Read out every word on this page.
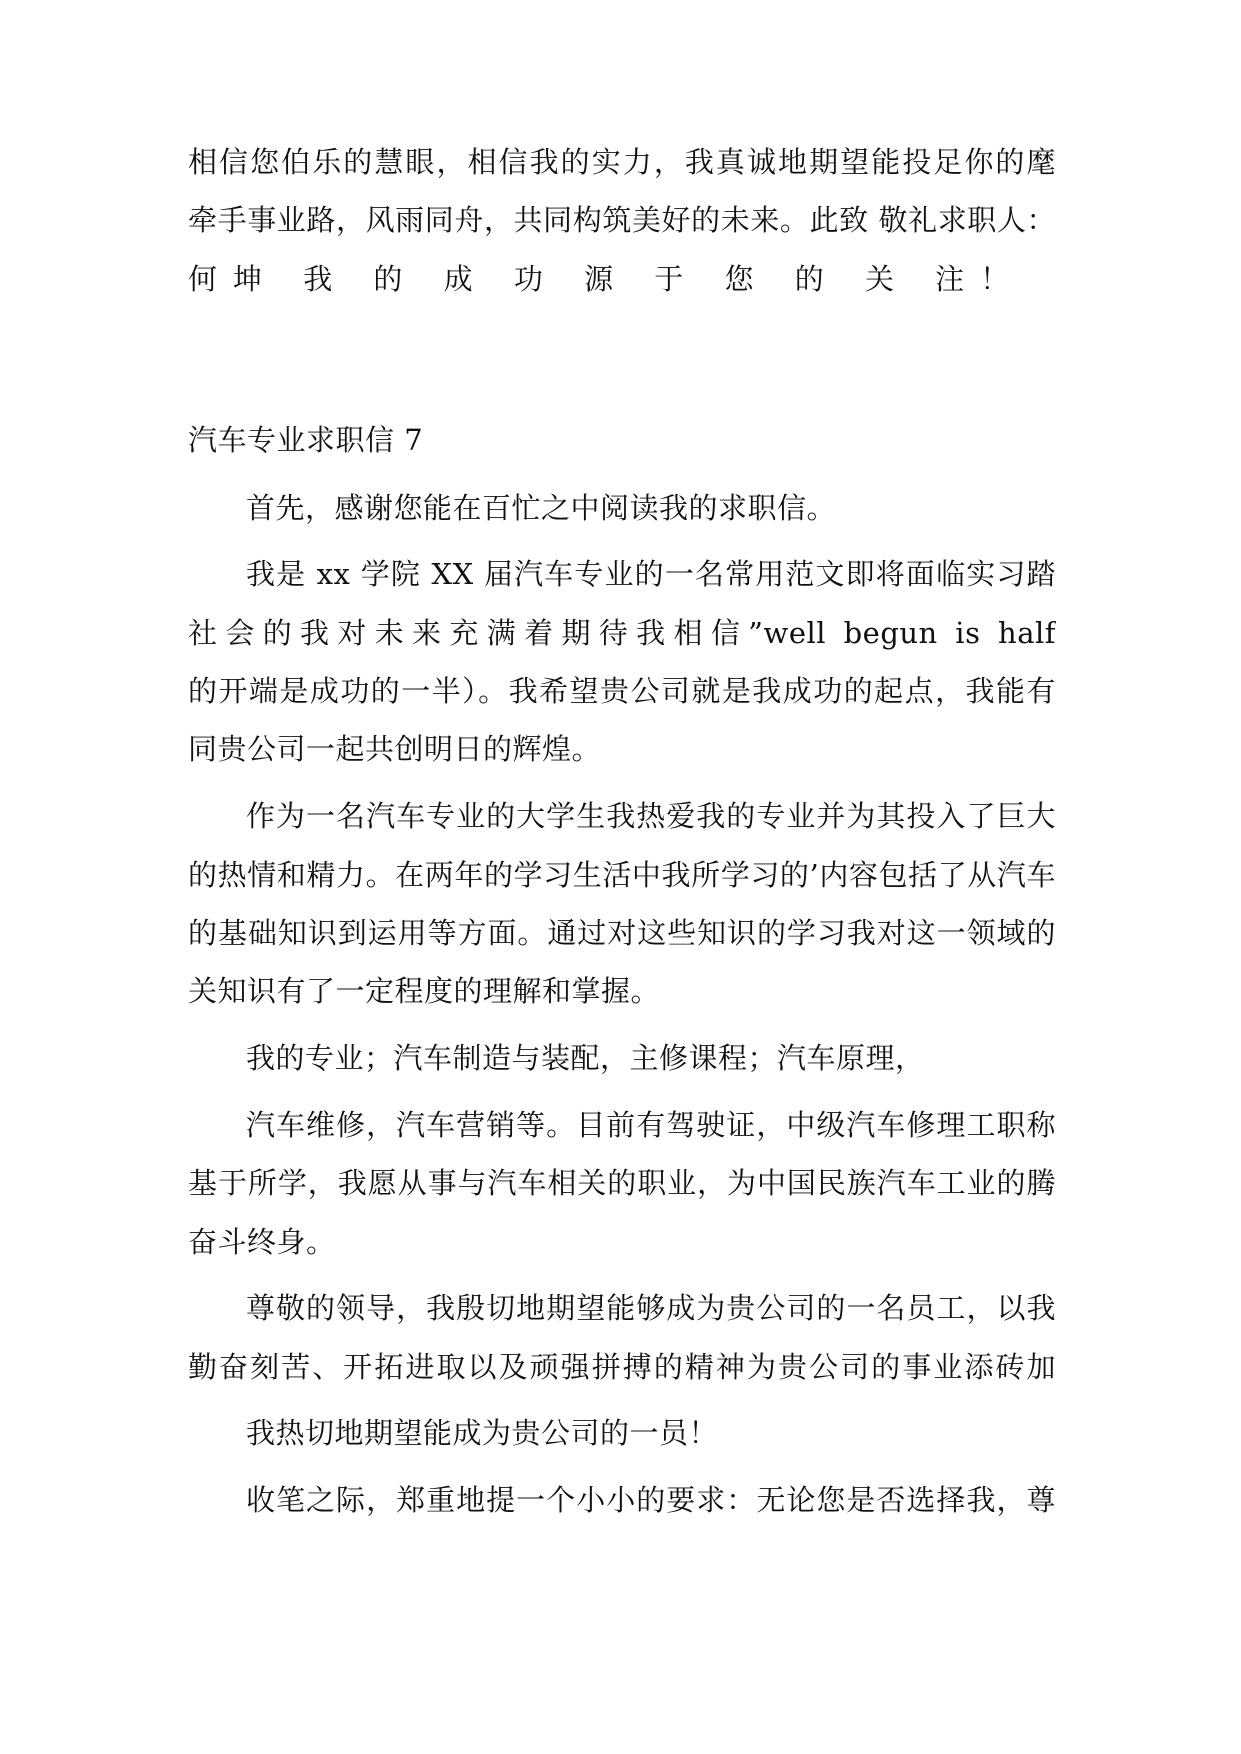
相信您伯乐的慧眼，相信我的实力，我真诚地期望能投足你的麾

牵手事业路，风雨同舟，共同构筑美好的未来。此致 敬礼求职人：

何坤 我 的 成 功 源 于 您 的 关 注！

汽车专业求职信 7

首先，感谢您能在百忙之中阅读我的求职信。

我是 xx 学院 XX 届汽车专业的一名常用范文即将面临实习踏

社会的我对未来充满着期待我相信”well begun is half

的开端是成功的一半）。我希望贵公司就是我成功的起点，我能有

同贵公司一起共创明日的辉煌。

作为一名汽车专业的大学生我热爱我的专业并为其投入了巨大

的热情和精力。在两年的学习生活中我所学习的’内容包括了从汽车

的基础知识到运用等方面。通过对这些知识的学习我对这一领域的

关知识有了一定程度的理解和掌握。

我的专业；汽车制造与装配，主修课程；汽车原理，

汽车维修，汽车营销等。目前有驾驶证，中级汽车修理工职称

基于所学，我愿从事与汽车相关的职业，为中国民族汽车工业的腾

奋斗终身。

尊敬的领导，我殷切地期望能够成为贵公司的一名员工，以我

勤奋刻苦、开拓进取以及顽强拼搏的精神为贵公司的事业添砖加

我热切地期望能成为贵公司的一员！

收笔之际，郑重地提一个小小的要求：无论您是否选择我，尊
